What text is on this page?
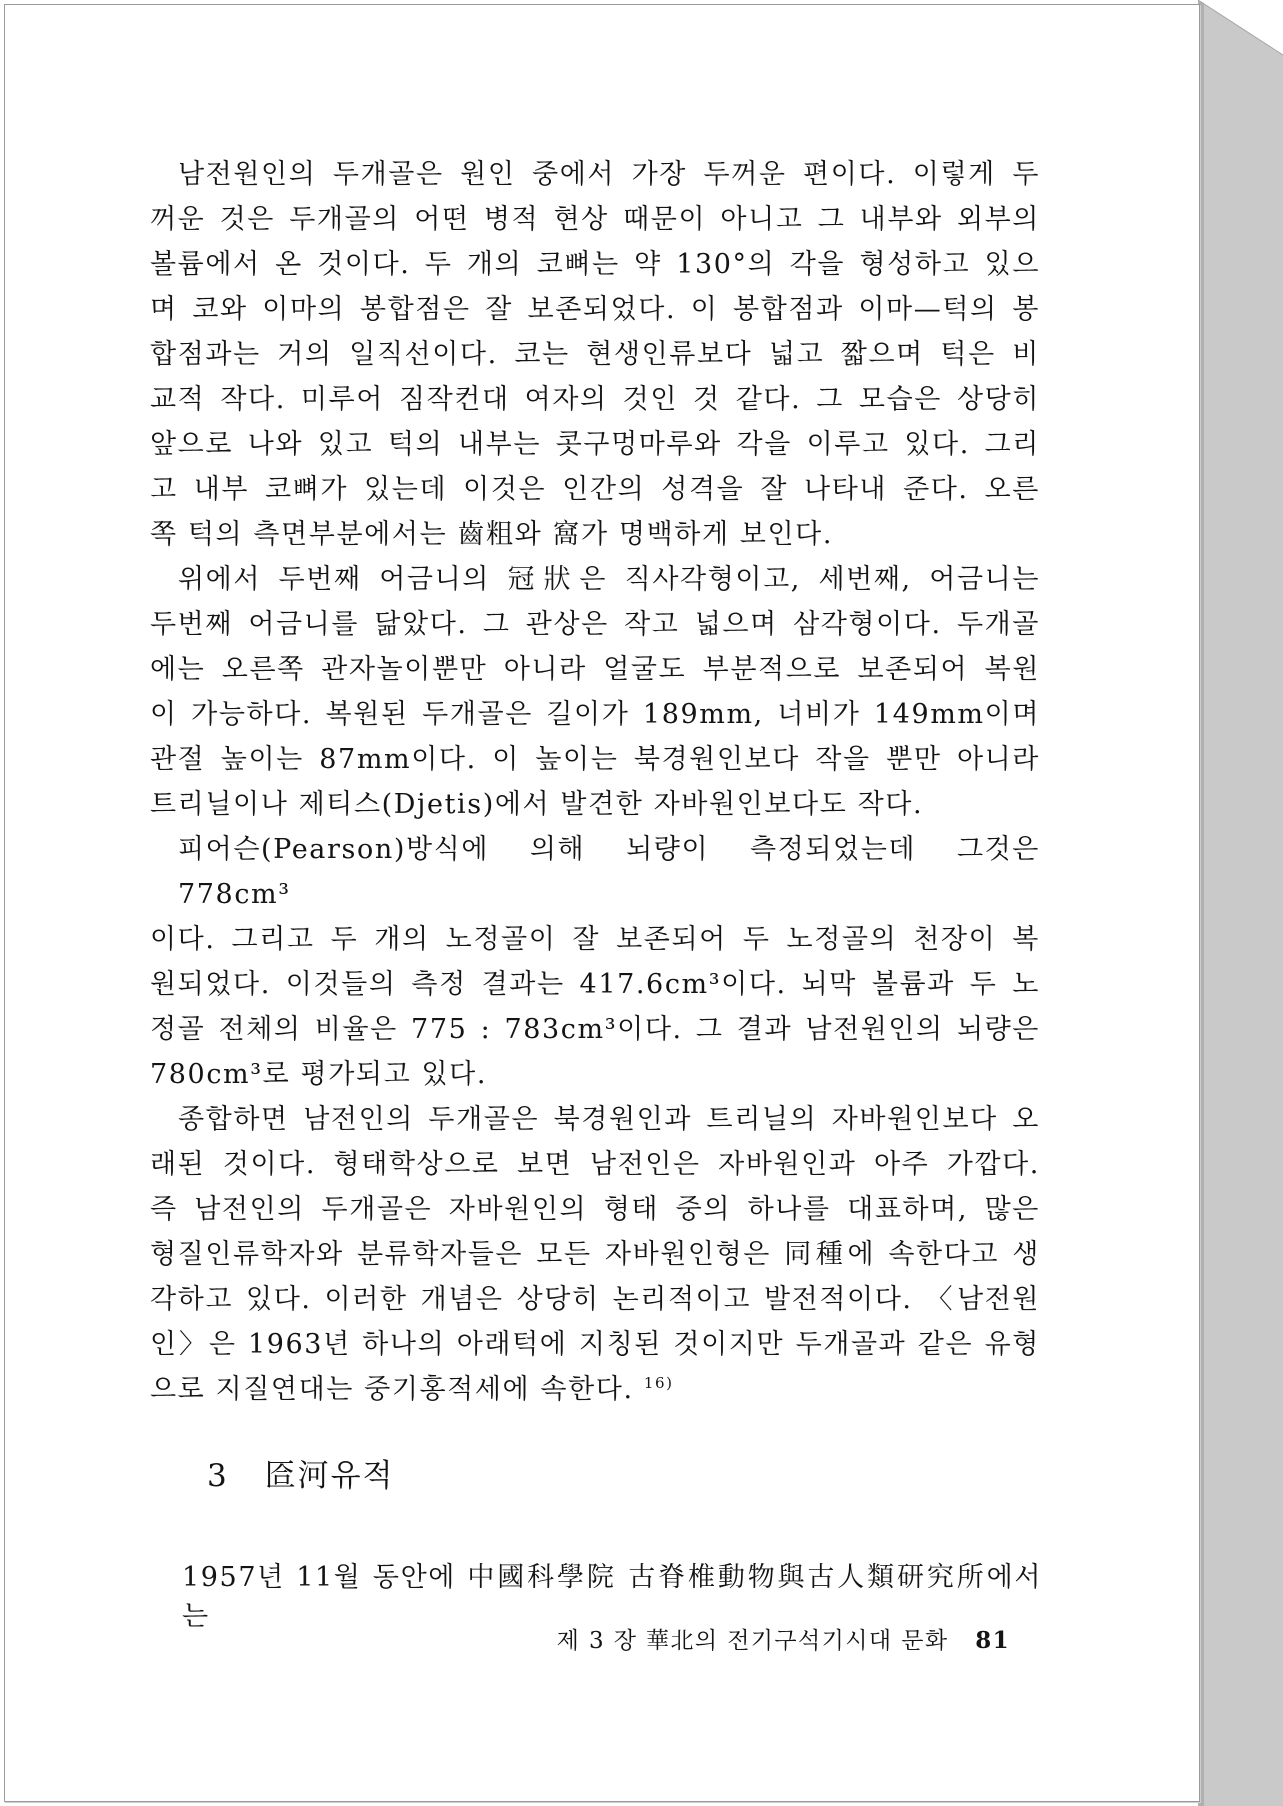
남전원인의 두개골은 원인 중에서 가장 두꺼운 편이다. 이렇게 두
꺼운 것은 두개골의 어떤 병적 현상 때문이 아니고 그 내부와 외부의
볼륨에서 온 것이다. 두 개의 코뼈는 약 130°의 각을 형성하고 있으
며 코와 이마의 봉합점은 잘 보존되었다. 이 봉합점과 이마—턱의 봉
합점과는 거의 일직선이다. 코는 현생인류보다 넓고 짧으며 턱은 비
교적 작다. 미루어 짐작컨대 여자의 것인 것 같다. 그 모습은 상당히
앞으로 나와 있고 턱의 내부는 콧구멍마루와 각을 이루고 있다. 그리
고 내부 코뼈가 있는데 이것은 인간의 성격을 잘 나타내 준다. 오른
쪽 턱의 측면부분에서는 齒粗와 窩가 명백하게 보인다.

위에서 두번째 어금니의 冠狀은 직사각형이고, 세번째, 어금니는
두번째 어금니를 닮았다. 그 관상은 작고 넓으며 삼각형이다. 두개골
에는 오른쪽 관자놀이뿐만 아니라 얼굴도 부분적으로 보존되어 복원
이 가능하다. 복원된 두개골은 길이가 189mm, 너비가 149mm이며
관절 높이는 87mm이다. 이 높이는 북경원인보다 작을 뿐만 아니라
트리닐이나 제티스(Djetis)에서 발견한 자바원인보다도 작다.

피어슨(Pearson)방식에 의해 뇌량이 측정되었는데 그것은 778cm³
이다. 그리고 두 개의 노정골이 잘 보존되어 두 노정골의 천장이 복
원되었다. 이것들의 측정 결과는 417.6cm³이다. 뇌막 볼륨과 두 노
정골 전체의 비율은 775 : 783cm³이다. 그 결과 남전원인의 뇌량은
780cm³로 평가되고 있다.

종합하면 남전인의 두개골은 북경원인과 트리닐의 자바원인보다 오
래된 것이다. 형태학상으로 보면 남전인은 자바원인과 아주 가깝다.
즉 남전인의 두개골은 자바원인의 형태 중의 하나를 대표하며, 많은
형질인류학자와 분류학자들은 모든 자바원인형은 同種에 속한다고 생
각하고 있다. 이러한 개념은 상당히 논리적이고 발전적이다. 〈남전원
인〉은 1963년 하나의 아래턱에 지칭된 것이지만 두개골과 같은 유형
으로 지질연대는 중기홍적세에 속한다. $^{16)}$

3 匼河유적
1957년 11월 동안에 中國科學院 古脊椎動物與古人類研究所에서는
제 3 장 華北의 전기구석기시대 문화 81
